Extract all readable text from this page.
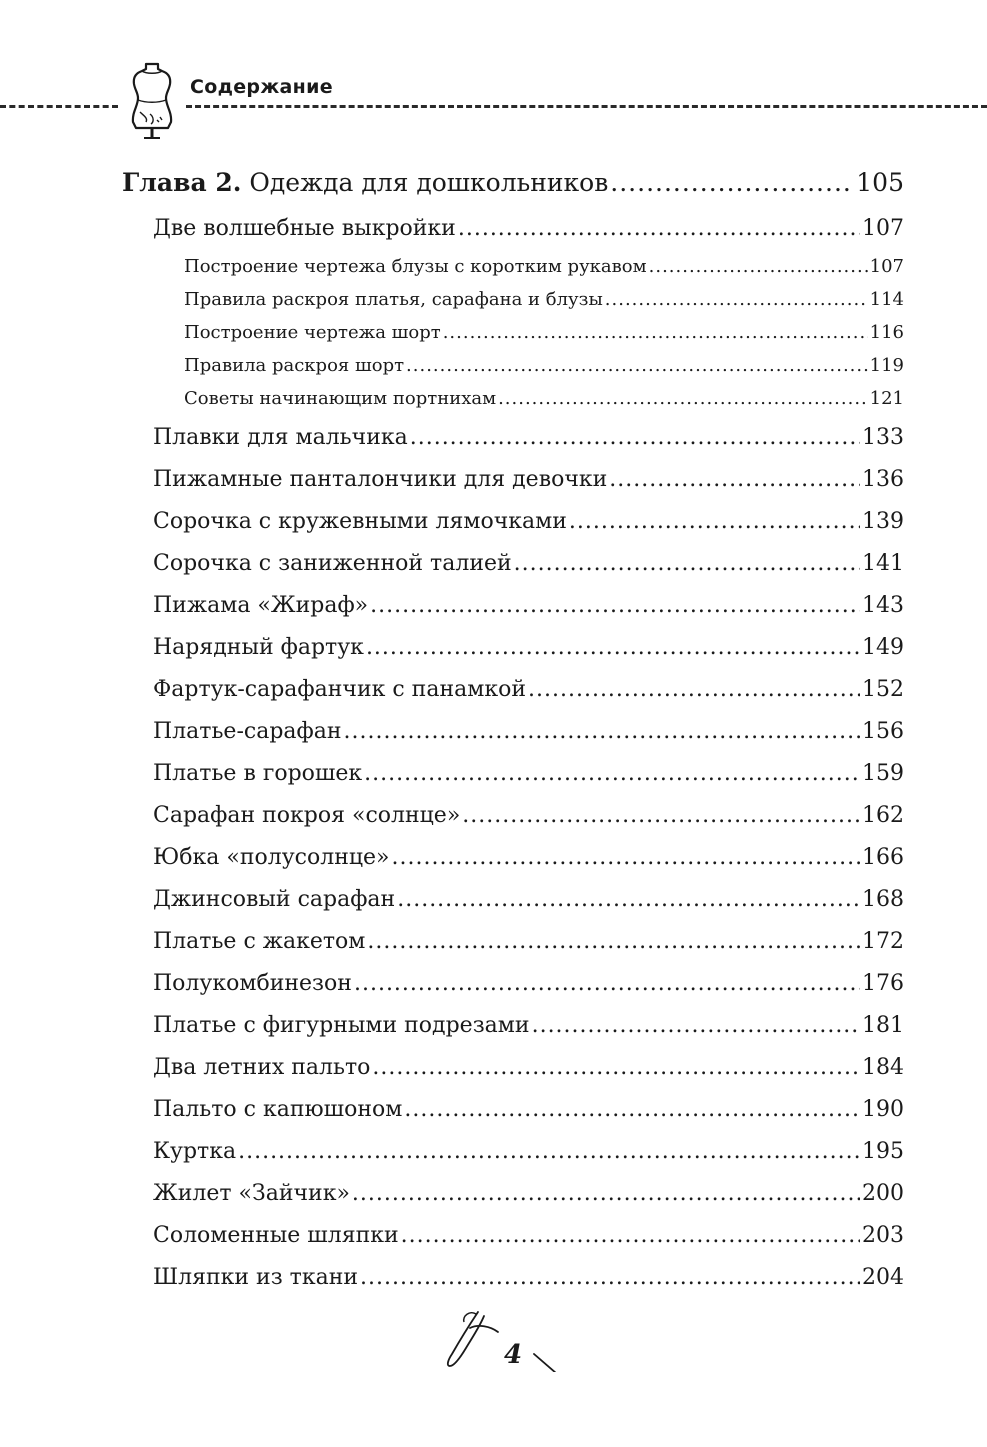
Содержание
Глава 2. Одежда для дошкольников .....	105
Две волшебные выкройки .....	107
Построение чертежа блузы с коротким рукавом .....	107
Правила раскроя платья, сарафана и блузы .....	114
Построение чертежа шорт .....	116
Правила раскроя шорт .....	119
Советы начинающим портнихам .....	121
Плавки для мальчика .....	133
Пижамные панталончики для девочки .....	136
Сорочка с кружевными лямочками .....	139
Сорочка с заниженной талией .....	141
Пижама «Жираф» .....	143
Нарядный фартук .....	149
Фартук-сарафанчик с панамкой .....	152
Платье-сарафан .....	156
Платье в горошек .....	159
Сарафан покроя «солнце» .....	162
Юбка «полусолнце» .....	166
Джинсовый сарафан .....	168
Платье с жакетом .....	172
Полукомбинезон .....	176
Платье с фигурными подрезами .....	181
Два летних пальто .....	184
Пальто с капюшоном .....	190
Куртка .....	195
Жилет «Зайчик» .....	200
Соломенные шляпки .....	203
Шляпки из ткани .....	204
4
